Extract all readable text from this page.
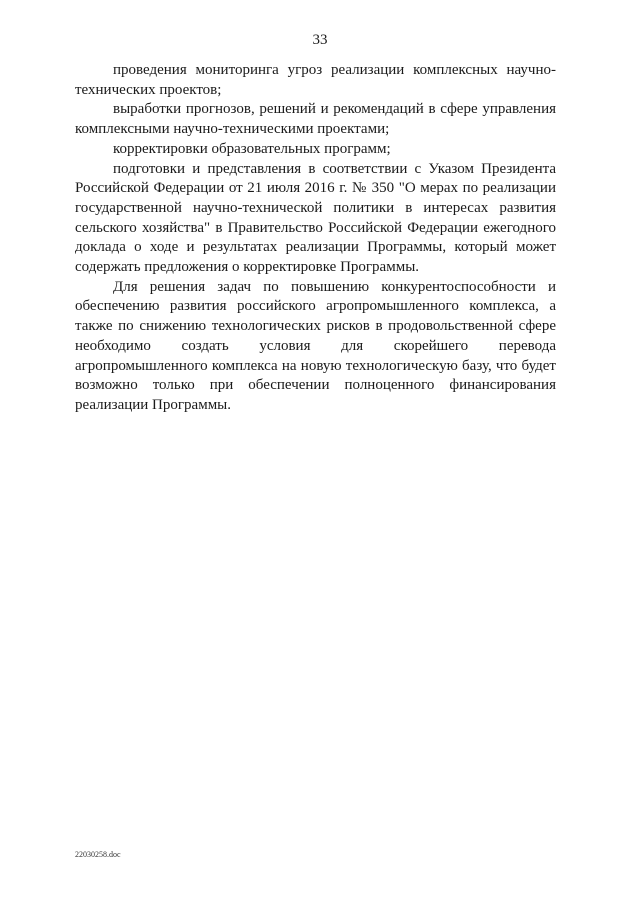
33

проведения мониторинга угроз реализации комплексных научно-технических проектов;

выработки прогнозов, решений и рекомендаций в сфере управления комплексными научно-техническими проектами;

корректировки образовательных программ;

подготовки и представления в соответствии с Указом Президента Российской Федерации от 21 июля 2016 г. № 350 "О мерах по реализации государственной научно-технической политики в интересах развития сельского хозяйства" в Правительство Российской Федерации ежегодного доклада о ходе и результатах реализации Программы, который может содержать предложения о корректировке Программы.

Для решения задач по повышению конкурентоспособности и обеспечению развития российского агропромышленного комплекса, а также по снижению технологических рисков в продовольственной сфере необходимо создать условия для скорейшего перевода агропромышленного комплекса на новую технологическую базу, что будет возможно только при обеспечении полноценного финансирования реализации Программы.

22030258.doc
